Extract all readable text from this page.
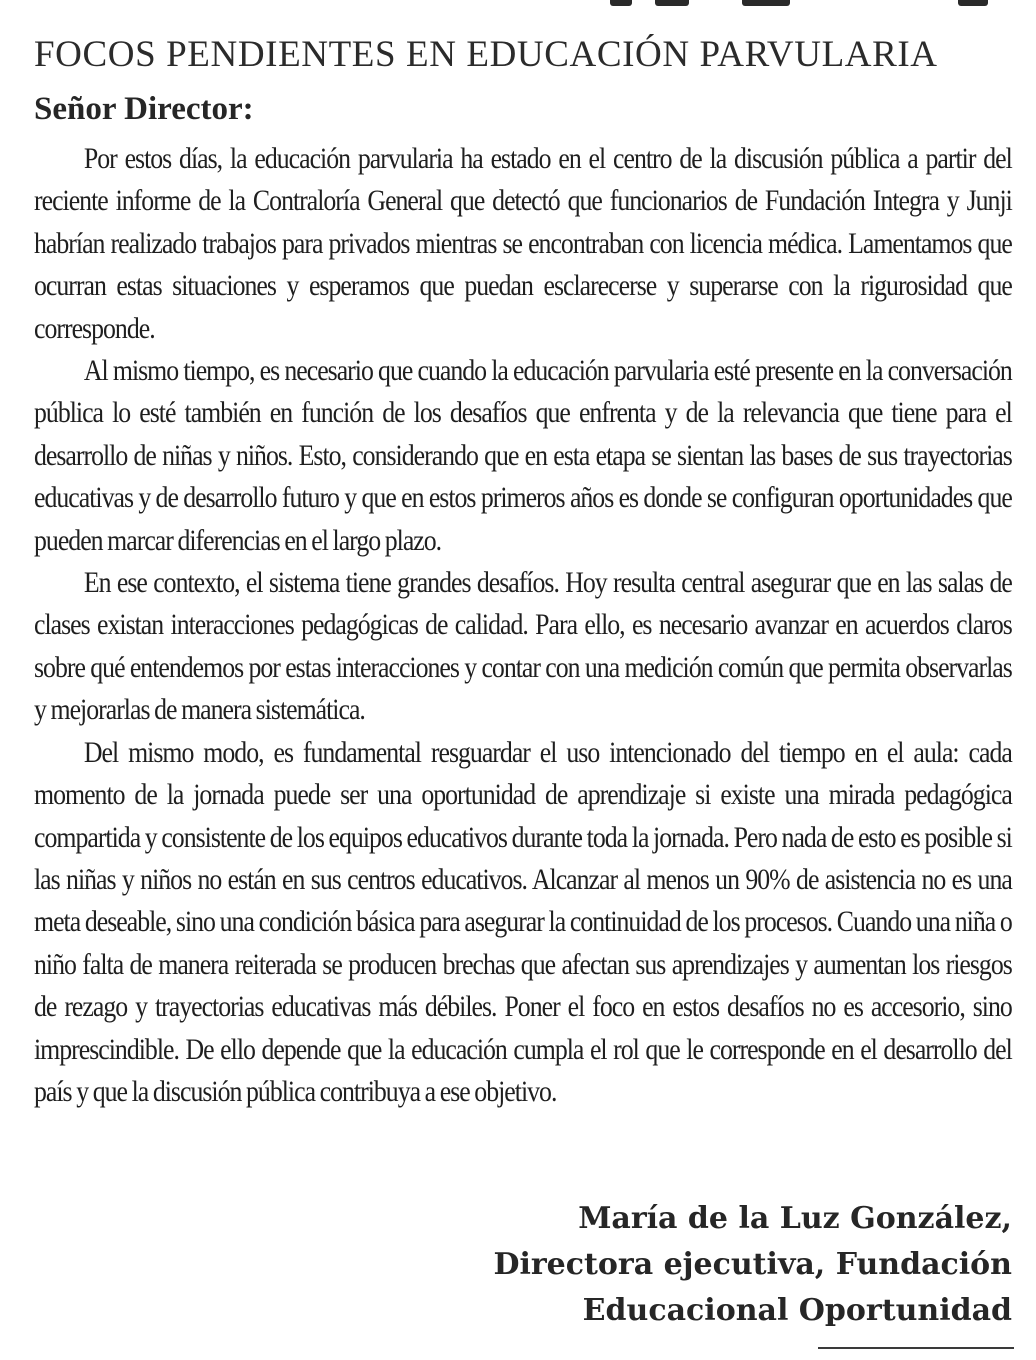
FOCOS PENDIENTES EN EDUCACIÓN PARVULARIA
Señor Director:

Por estos días, la educación parvularia ha estado en el centro de la discusión pública a partir del reciente informe de la Contraloría General que detectó que funcionarios de Fundación Integra y Junji habrían realizado trabajos para privados mientras se encontraban con licencia médica. Lamentamos que ocurran estas situaciones y esperamos que puedan esclarecerse y superarse con la rigurosidad que corresponde.

Al mismo tiempo, es necesario que cuando la educación parvularia esté presente en la conversación pública lo esté también en función de los desafíos que enfrenta y de la relevancia que tiene para el desarrollo de niñas y niños. Esto, considerando que en esta etapa se sientan las bases de sus trayectorias educativas y de desarrollo futuro y que en estos primeros años es donde se configuran oportunidades que pueden marcar diferencias en el largo plazo.

En ese contexto, el sistema tiene grandes desafíos. Hoy resulta central asegurar que en las salas de clases existan interacciones pedagógicas de calidad. Para ello, es necesario avanzar en acuerdos claros sobre qué entendemos por estas interacciones y contar con una medición común que permita observarlas y mejorarlas de manera sistemática.

Del mismo modo, es fundamental resguardar el uso intencionado del tiempo en el aula: cada momento de la jornada puede ser una oportunidad de aprendizaje si existe una mirada pedagógica compartida y consistente de los equipos educativos durante toda la jornada. Pero nada de esto es posible si las niñas y niños no están en sus centros educativos. Alcanzar al menos un 90% de asistencia no es una meta deseable, sino una condición básica para asegurar la continuidad de los procesos. Cuando una niña o niño falta de manera reiterada se producen brechas que afectan sus aprendizajes y aumentan los riesgos de rezago y trayectorias educativas más débiles. Poner el foco en estos desafíos no es accesorio, sino imprescindible. De ello depende que la educación cumpla el rol que le corresponde en el desarrollo del país y que la discusión pública contribuya a ese objetivo.

María de la Luz González,
Directora ejecutiva, Fundación
Educacional Oportunidad
